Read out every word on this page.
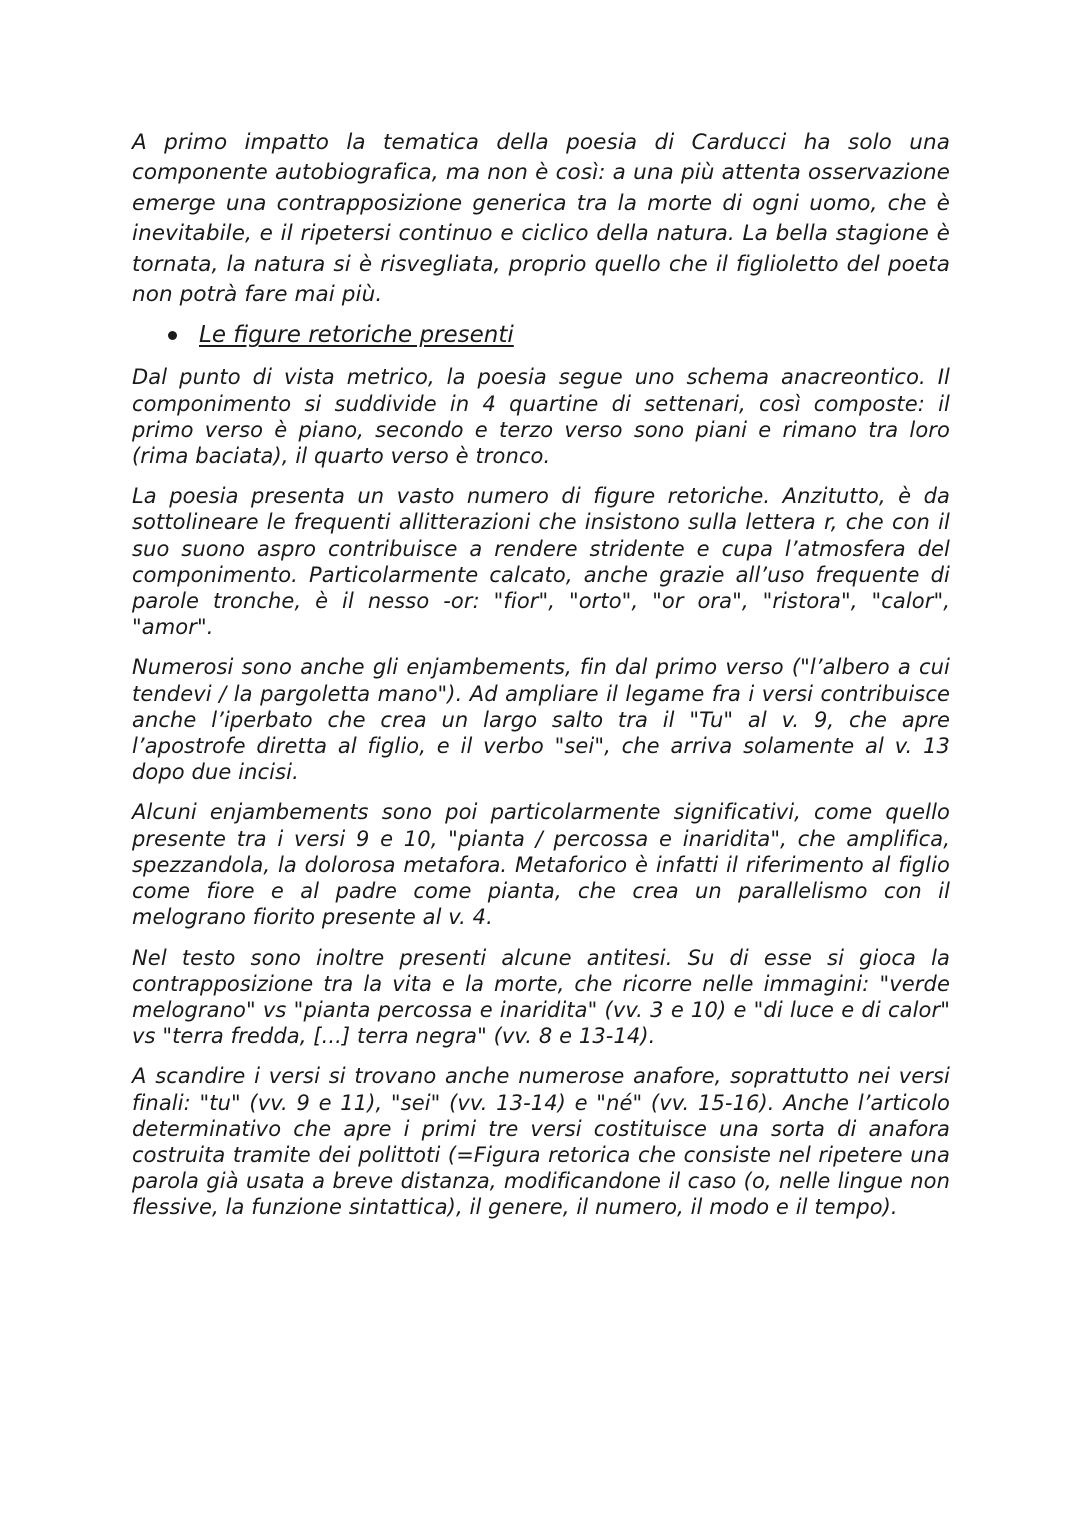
A primo impatto la tematica della poesia di Carducci ha solo una componente autobiografica, ma non è così: a una più attenta osservazione emerge una contrapposizione generica tra la morte di ogni uomo, che è inevitabile, e il ripetersi continuo e ciclico della natura. La bella stagione è tornata, la natura si è risvegliata, proprio quello che il figlioletto del poeta non potrà fare mai più.

Le figure retoriche presenti

Dal punto di vista metrico, la poesia segue uno schema anacreontico. Il componimento si suddivide in 4 quartine di settenari, così composte: il primo verso è piano, secondo e terzo verso sono piani e rimano tra loro (rima baciata), il quarto verso è tronco.

La poesia presenta un vasto numero di figure retoriche. Anzitutto, è da sottolineare le frequenti allitterazioni che insistono sulla lettera r, che con il suo suono aspro contribuisce a rendere stridente e cupa l’atmosfera del componimento. Particolarmente calcato, anche grazie all’uso frequente di parole tronche, è il nesso -or: "fior", "orto", "or ora", "ristora", "calor", "amor".

Numerosi sono anche gli enjambements, fin dal primo verso ("l’albero a cui tendevi / la pargoletta mano"). Ad ampliare il legame fra i versi contribuisce anche l’iperbato che crea un largo salto tra il "Tu" al v. 9, che apre l’apostrofe diretta al figlio, e il verbo "sei", che arriva solamente al v. 13 dopo due incisi.

Alcuni enjambements sono poi particolarmente significativi, come quello presente tra i versi 9 e 10, "pianta / percossa e inaridita", che amplifica, spezzandola, la dolorosa metafora. Metaforico è infatti il riferimento al figlio come fiore e al padre come pianta, che crea un parallelismo con il melograno fiorito presente al v. 4.

Nel testo sono inoltre presenti alcune antitesi. Su di esse si gioca la contrapposizione tra la vita e la morte, che ricorre nelle immagini: "verde melograno" vs "pianta percossa e inaridita" (vv. 3 e 10) e "di luce e di calor" vs "terra fredda, [...] terra negra" (vv. 8 e 13-14).

A scandire i versi si trovano anche numerose anafore, soprattutto nei versi finali: "tu" (vv. 9 e 11), "sei" (vv. 13-14) e "né" (vv. 15-16). Anche l’articolo determinativo che apre i primi tre versi costituisce una sorta di anafora costruita tramite dei polittoti (=Figura retorica che consiste nel ripetere una parola già usata a breve distanza, modificandone il caso (o, nelle lingue non flessive, la funzione sintattica), il genere, il numero, il modo e il tempo).
